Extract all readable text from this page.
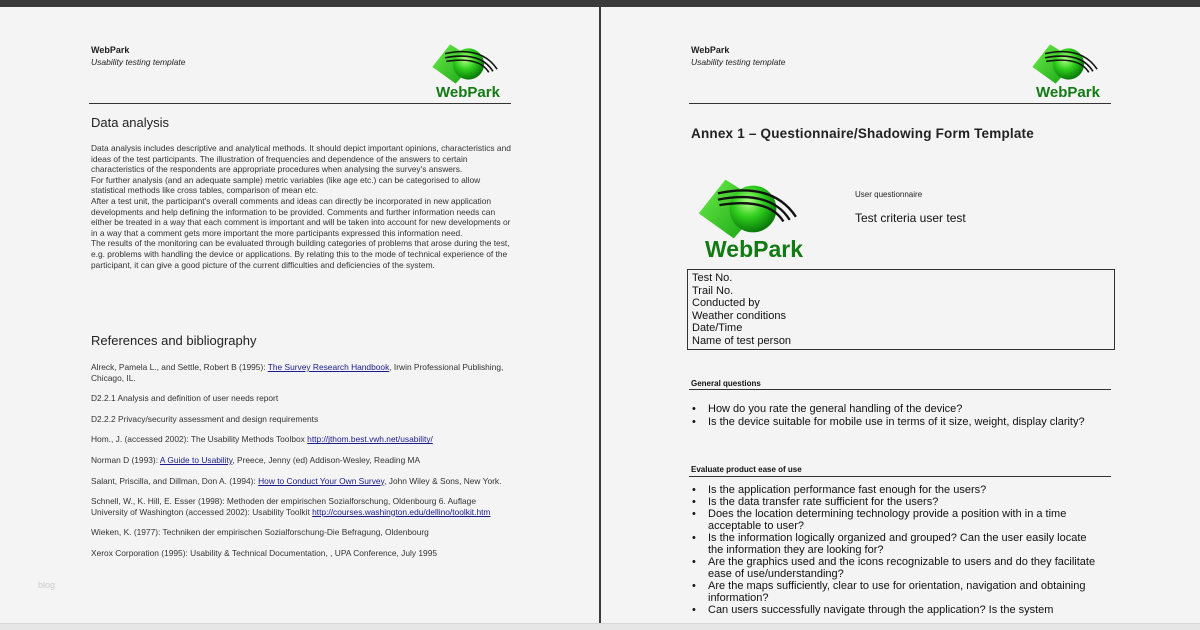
WebPark
Usability testing template
WebPark
Data analysis
Data analysis includes descriptive and analytical methods. It should depict important opinions, characteristics and ideas of the test participants. The illustration of frequencies and dependence of the answers to certain characteristics of the respondents are appropriate procedures when analysing the survey's answers.
For further analysis (and an adequate sample) metric variables (like age etc.) can be categorised to allow statistical methods like cross tables, comparison of mean etc.
After a test unit, the participant's overall comments and ideas can directly be incorporated in new application developments and help defining the information to be provided. Comments and further information needs can either be treated in a way that each comment is important and will be taken into account for new developments or in a way that a comment gets more important the more participants expressed this information need.
The results of the monitoring can be evaluated through building categories of problems that arose during the test, e.g. problems with handling the device or applications. By relating this to the mode of technical experience of the participant, it can give a good picture of the current difficulties and deficiencies of the system.
References and bibliography
Alreck, Pamela L., and Settle, Robert B (1995): The Survey Research Handbook, Irwin Professional Publishing, Chicago, IL.
D2.2.1 Analysis and definition of user needs report
D2.2.2 Privacy/security assessment and design requirements
Hom., J. (accessed 2002): The Usability Methods Toolbox http://jthom.best.vwh.net/usability/
Norman D (1993): A Guide to Usability, Preece, Jenny (ed) Addison-Wesley, Reading MA
Salant, Priscilla, and Dillman, Don A. (1994): How to Conduct Your Own Survey, John Wiley & Sons, New York.
Schnell, W., K. Hill, E. Esser (1998): Methoden der empirischen Sozialforschung, Oldenbourg 6. Auflage University of Washington (accessed 2002): Usability Toolkit http://courses.washington.edu/dellino/toolkit.htm
Wieken, K. (1977): Techniken der empirischen Sozialforschung-Die Befragung, Oldenbourg
Xerox Corporation (1995): Usability & Technical Documentation, , UPA Conference, July 1995
blog
WebPark
Usability testing template
WebPark
Annex 1 – Questionnaire/Shadowing Form Template
WebPark
User questionnaire
Test criteria user test
Test No.
Trail No.
Conducted by
Weather conditions
Date/Time
Name of test person
General questions
• How do you rate the general handling of the device?
• Is the device suitable for mobile use in terms of it size, weight, display clarity?
Evaluate product ease of use
• Is the application performance fast enough for the users?
• Is the data transfer rate sufficient for the users?
• Does the location determining technology provide a position with in a time acceptable to user?
• Is the information logically organized and grouped? Can the user easily locate the information they are looking for?
• Are the graphics used and the icons recognizable to users and do they facilitate ease of use/understanding?
• Are the maps sufficiently, clear to use for orientation, navigation and obtaining information?
• Can users successfully navigate through the application? Is the system
